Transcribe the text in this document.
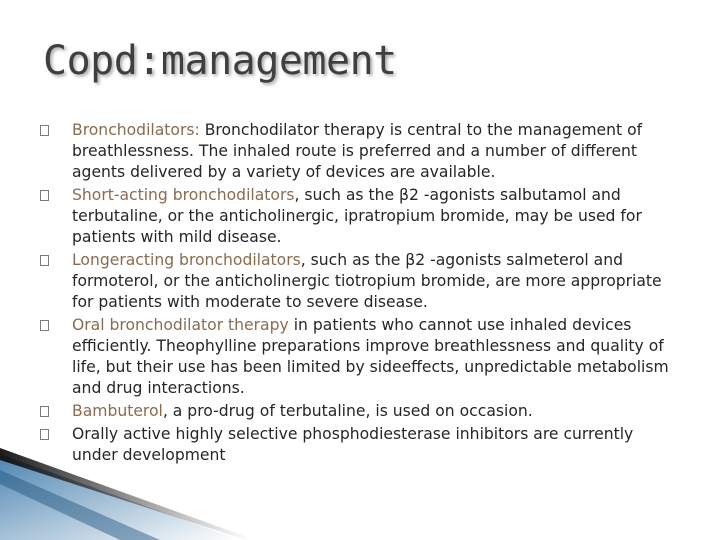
Copd:management
Bronchodilators: Bronchodilator therapy is central to the management of breathlessness. The inhaled route is preferred and a number of different agents delivered by a variety of devices are available.
Short-acting bronchodilators, such as the β2 -agonists salbutamol and terbutaline, or the anticholinergic, ipratropium bromide, may be used for patients with mild disease.
Longeracting bronchodilators, such as the β2 -agonists salmeterol and formoterol, or the anticholinergic tiotropium bromide, are more appropriate for patients with moderate to severe disease.
Oral bronchodilator therapy in patients who cannot use inhaled devices efficiently. Theophylline preparations improve breathlessness and quality of life, but their use has been limited by sideeffects, unpredictable metabolism and drug interactions.
Bambuterol, a pro-drug of terbutaline, is used on occasion.
Orally active highly selective phosphodiesterase inhibitors are currently under development
